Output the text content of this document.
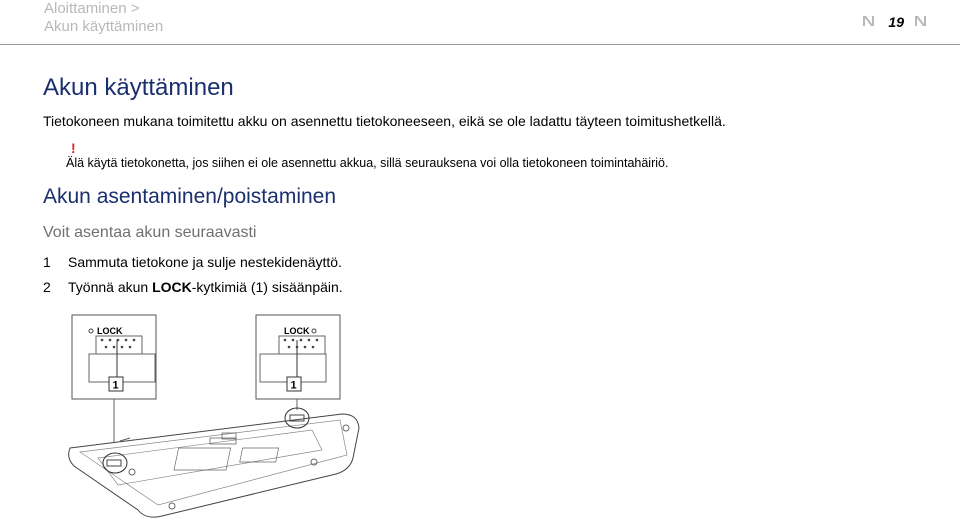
Aloittaminen >
Akun käyttäminen	19
Akun käyttäminen
Tietokoneen mukana toimitettu akku on asennettu tietokoneeseen, eikä se ole ladattu täyteen toimitushetkellä.
!
Älä käytä tietokonetta, jos siihen ei ole asennettu akkua, sillä seurauksena voi olla tietokoneen toimintahäiriö.
Akun asentaminen/poistaminen
Voit asentaa akun seuraavasti
1 Sammuta tietokone ja sulje nestekidenäyttö.
2 Työnnä akun LOCK-kytkimiä (1) sisäänpäin.
LOCK
1
LOCK
1
